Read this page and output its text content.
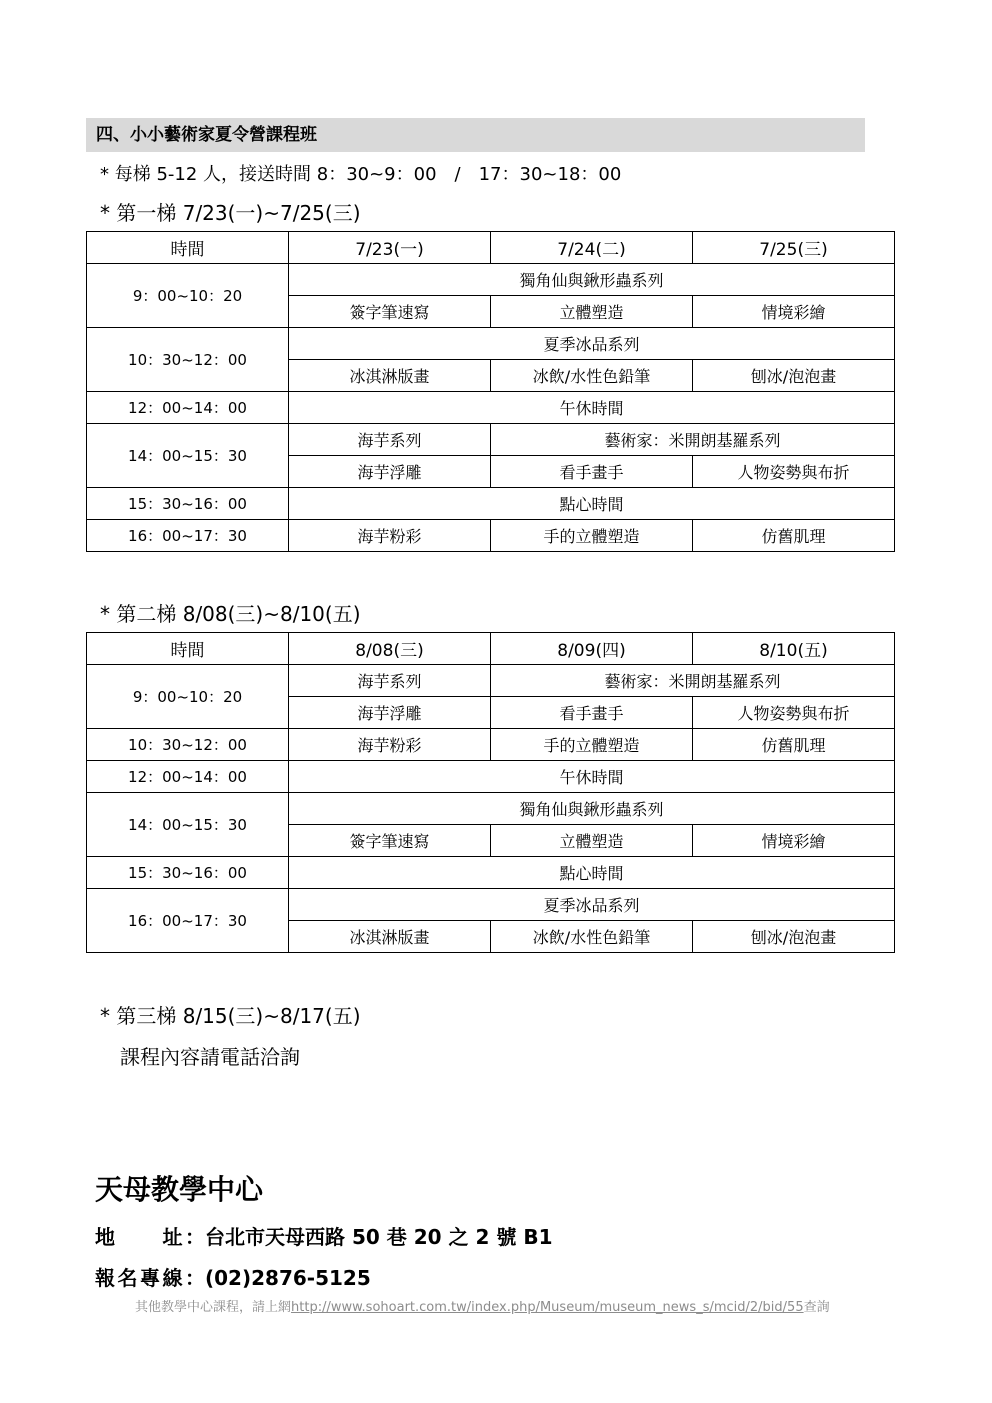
四、小小藝術家夏令營課程班
* 每梯 5-12 人，接送時間 8：30~9：00　/　17：30~18：00
* 第一梯 7/23(一)~7/25(三)
時間	7/23(一)	7/24(二)	7/25(三)
9：00~10：20	獨角仙與鍬形蟲系列		
	簽字筆速寫	立體塑造	情境彩繪
10：30~12：00	夏季冰品系列		
	冰淇淋版畫	冰飲/水性色鉛筆	刨冰/泡泡畫
12：00~14：00	午休時間		
14：00~15：30	海芋系列	藝術家：米開朗基羅系列	
	海芋浮雕	看手畫手	人物姿勢與布折
15：30~16：00	點心時間		
16：00~17：30	海芋粉彩	手的立體塑造	仿舊肌理
* 第二梯 8/08(三)~8/10(五)
時間	8/08(三)	8/09(四)	8/10(五)
9：00~10：20	海芋系列	藝術家：米開朗基羅系列	
	海芋浮雕	看手畫手	人物姿勢與布折
10：30~12：00	海芋粉彩	手的立體塑造	仿舊肌理
12：00~14：00	午休時間		
14：00~15：30	獨角仙與鍬形蟲系列		
	簽字筆速寫	立體塑造	情境彩繪
15：30~16：00	點心時間		
16：00~17：30	夏季冰品系列		
	冰淇淋版畫	冰飲/水性色鉛筆	刨冰/泡泡畫
* 第三梯 8/15(三)~8/17(五)
課程內容請電話洽詢
天母教學中心
地　　址：台北市天母西路 50 巷 20 之 2 號 B1
報名專線：(02)2876-5125
其他教學中心課程，請上網http://www.sohoart.com.tw/index.php/Museum/museum_news_s/mcid/2/bid/55查詢
